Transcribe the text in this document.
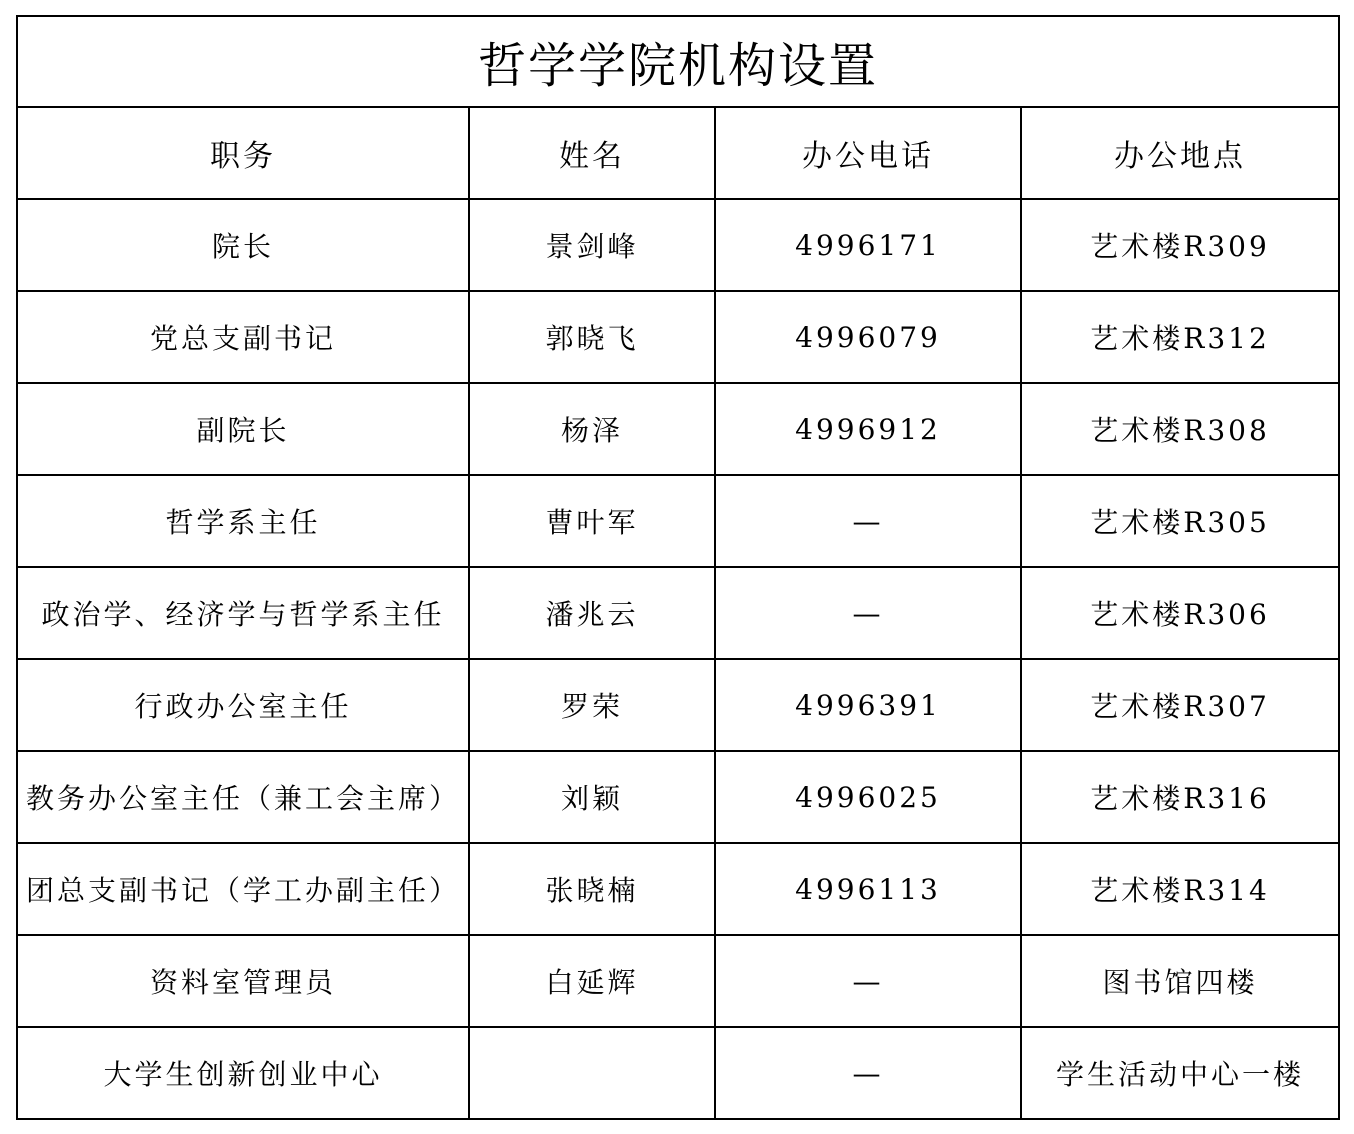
哲学学院机构设置			
职务	姓名	办公电话	办公地点
院长	景剑峰	4996171	艺术楼R309
党总支副书记	郭晓飞	4996079	艺术楼R312
副院长	杨泽	4996912	艺术楼R308
哲学系主任	曹叶军	—	艺术楼R305
政治学、经济学与哲学系主任	潘兆云	—	艺术楼R306
行政办公室主任	罗荣	4996391	艺术楼R307
教务办公室主任（兼工会主席）	刘颖	4996025	艺术楼R316
团总支副书记（学工办副主任）	张晓楠	4996113	艺术楼R314
资料室管理员	白延辉	—	图书馆四楼
大学生创新创业中心		—	学生活动中心一楼
